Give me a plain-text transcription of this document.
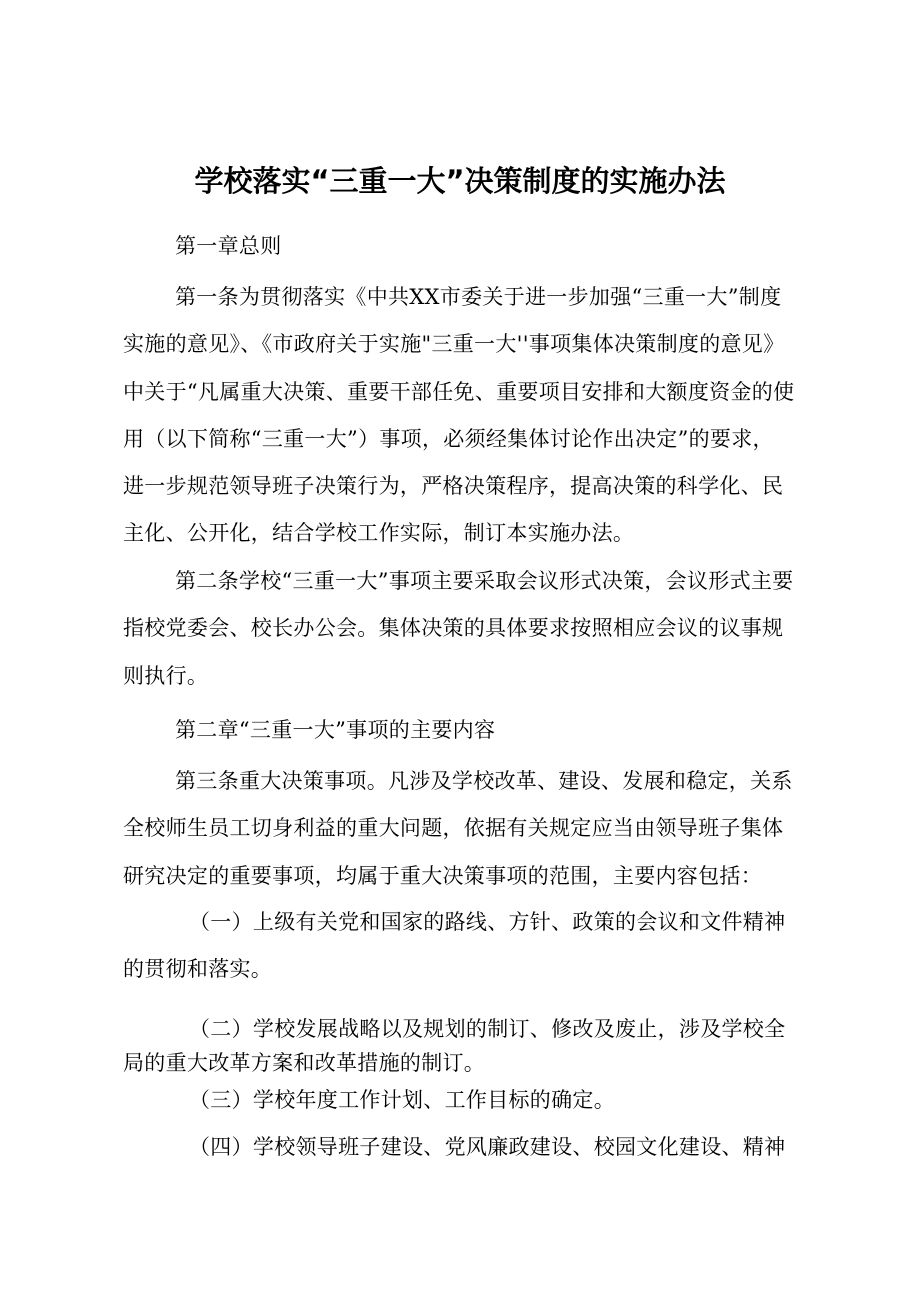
学校落实“三重一大”决策制度的实施办法

第一章总则

第一条为贯彻落实《中共XX市委关于进一步加强“三重一大”制度实施的意见》、《市政府关于实施"三重一大''事项集体决策制度的意见》中关于“凡属重大决策、重要干部任免、重要项目安排和大额度资金的使用（以下简称“三重一大”）事项，必须经集体讨论作出决定”的要求，进一步规范领导班子决策行为，严格决策程序，提高决策的科学化、民主化、公开化，结合学校工作实际，制订本实施办法。

第二条学校“三重一大”事项主要采取会议形式决策，会议形式主要指校党委会、校长办公会。集体决策的具体要求按照相应会议的议事规则执行。

第二章“三重一大”事项的主要内容

第三条重大决策事项。凡涉及学校改革、建设、发展和稳定，关系全校师生员工切身利益的重大问题，依据有关规定应当由领导班子集体研究决定的重要事项，均属于重大决策事项的范围，主要内容包括：

（一）上级有关党和国家的路线、方针、政策的会议和文件精神的贯彻和落实。

（二）学校发展战略以及规划的制订、修改及废止，涉及学校全局的重大改革方案和改革措施的制订。

（三）学校年度工作计划、工作目标的确定。

（四）学校领导班子建设、党风廉政建设、校园文化建设、精神
